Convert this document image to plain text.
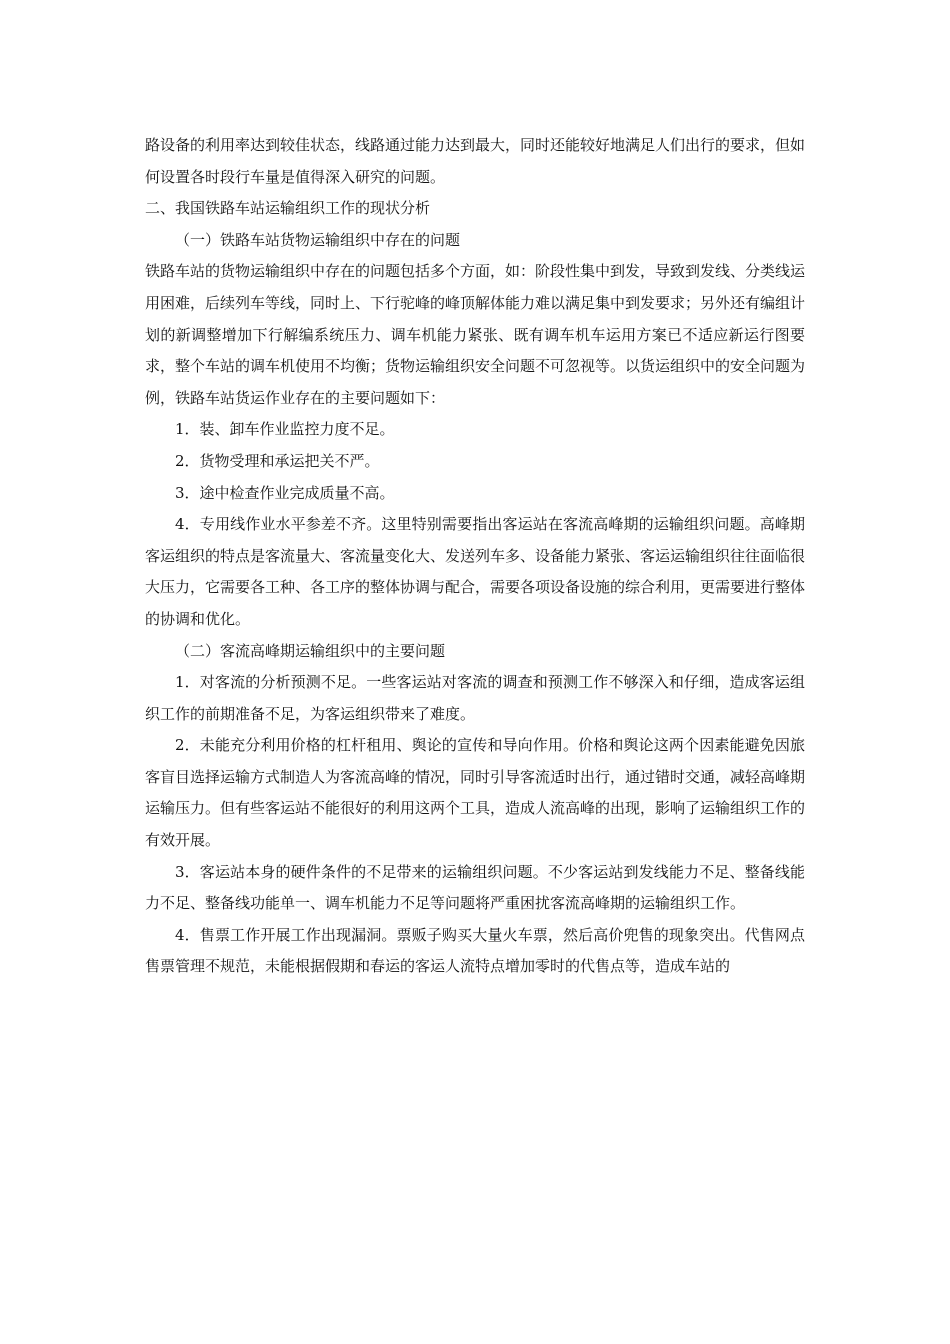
路设备的利用率达到较佳状态，线路通过能力达到最大，同时还能较好地满足人们出行的要求，但如何设置各时段行车量是值得深入研究的问题。

二、我国铁路车站运输组织工作的现状分析

（一）铁路车站货物运输组织中存在的问题

铁路车站的货物运输组织中存在的问题包括多个方面，如：阶段性集中到发，导致到发线、分类线运用困难，后续列车等线，同时上、下行驼峰的峰顶解体能力难以满足集中到发要求；另外还有编组计划的新调整增加下行解编系统压力、调车机能力紧张、既有调车机车运用方案已不适应新运行图要求，整个车站的调车机使用不均衡；货物运输组织安全问题不可忽视等。以货运组织中的安全问题为例，铁路车站货运作业存在的主要问题如下：

1．装、卸车作业监控力度不足。

2．货物受理和承运把关不严。

3．途中检查作业完成质量不高。

4．专用线作业水平参差不齐。这里特别需要指出客运站在客流高峰期的运输组织问题。高峰期客运组织的特点是客流量大、客流量变化大、发送列车多、设备能力紧张、客运运输组织往往面临很大压力，它需要各工种、各工序的整体协调与配合，需要各项设备设施的综合利用，更需要进行整体的协调和优化。

（二）客流高峰期运输组织中的主要问题

1．对客流的分析预测不足。一些客运站对客流的调查和预测工作不够深入和仔细，造成客运组织工作的前期准备不足，为客运组织带来了难度。

2．未能充分利用价格的杠杆租用、舆论的宣传和导向作用。价格和舆论这两个因素能避免因旅客盲目选择运输方式制造人为客流高峰的情况，同时引导客流适时出行，通过错时交通，减轻高峰期运输压力。但有些客运站不能很好的利用这两个工具，造成人流高峰的出现，影响了运输组织工作的有效开展。

3．客运站本身的硬件条件的不足带来的运输组织问题。不少客运站到发线能力不足、整备线能力不足、整备线功能单一、调车机能力不足等问题将严重困扰客流高峰期的运输组织工作。

4．售票工作开展工作出现漏洞。票贩子购买大量火车票，然后高价兜售的现象突出。代售网点售票管理不规范，未能根据假期和春运的客运人流特点增加零时的代售点等，造成车站的
